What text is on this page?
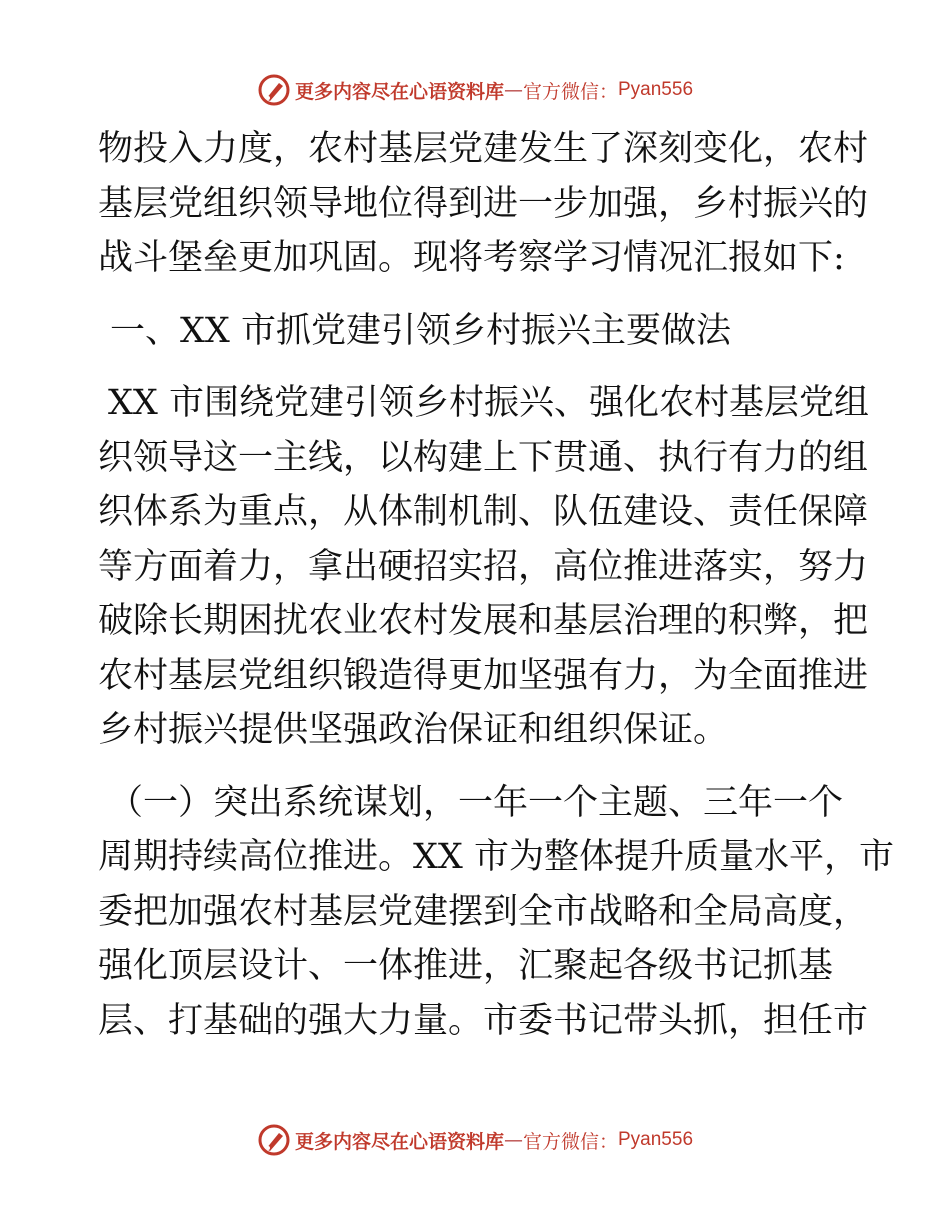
更多内容尽在心语资料库 — 官方微信： Pyan556
物投入力度，农村基层党建发生了深刻变化，农村
基层党组织领导地位得到进一步加强，乡村振兴的
战斗堡垒更加巩固。现将考察学习情况汇报如下:
一、XX 市抓党建引领乡村振兴主要做法
XX 市围绕党建引领乡村振兴、强化农村基层党组
织领导这一主线，以构建上下贯通、执行有力的组
织体系为重点，从体制机制、队伍建设、责任保障
等方面着力，拿出硬招实招，高位推进落实，努力
破除长期困扰农业农村发展和基层治理的积弊，把
农村基层党组织锻造得更加坚强有力，为全面推进
乡村振兴提供坚强政治保证和组织保证。
（一）突出系统谋划，一年一个主题、三年一个
周期持续高位推进。XX 市为整体提升质量水平，市
委把加强农村基层党建摆到全市战略和全局高度，
强化顶层设计、一体推进，汇聚起各级书记抓基
层、打基础的强大力量。市委书记带头抓，担任市
更多内容尽在心语资料库 — 官方微信： Pyan556
